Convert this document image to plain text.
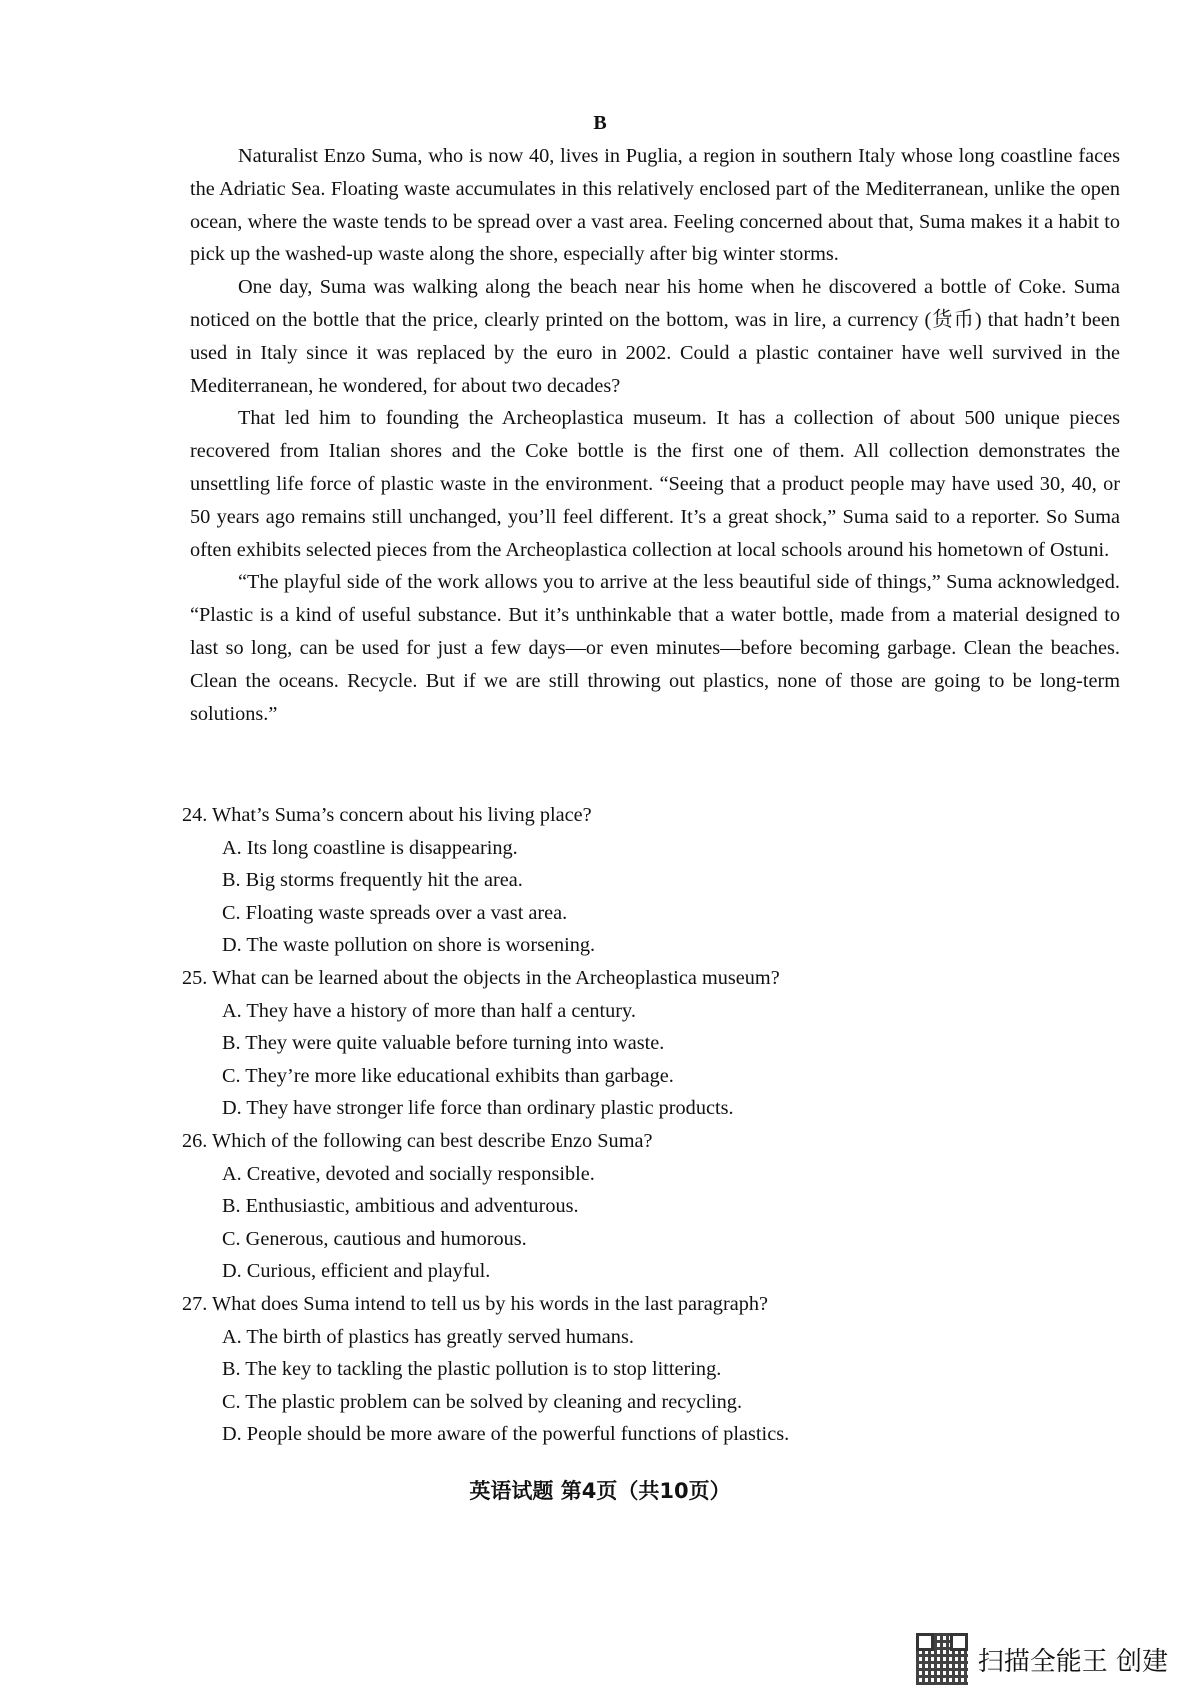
B

Naturalist Enzo Suma, who is now 40, lives in Puglia, a region in southern Italy whose long coastline faces the Adriatic Sea. Floating waste accumulates in this relatively enclosed part of the Mediterranean, unlike the open ocean, where the waste tends to be spread over a vast area. Feeling concerned about that, Suma makes it a habit to pick up the washed-up waste along the shore, especially after big winter storms.

One day, Suma was walking along the beach near his home when he discovered a bottle of Coke. Suma noticed on the bottle that the price, clearly printed on the bottom, was in lire, a currency (货币) that hadn’t been used in Italy since it was replaced by the euro in 2002. Could a plastic container have well survived in the Mediterranean, he wondered, for about two decades?

That led him to founding the Archeoplastica museum. It has a collection of about 500 unique pieces recovered from Italian shores and the Coke bottle is the first one of them. All collection demonstrates the unsettling life force of plastic waste in the environment. “Seeing that a product people may have used 30, 40, or 50 years ago remains still unchanged, you’ll feel different. It’s a great shock,” Suma said to a reporter. So Suma often exhibits selected pieces from the Archeoplastica collection at local schools around his hometown of Ostuni.

“The playful side of the work allows you to arrive at the less beautiful side of things,” Suma acknowledged. “Plastic is a kind of useful substance. But it’s unthinkable that a water bottle, made from a material designed to last so long, can be used for just a few days—or even minutes—before becoming garbage. Clean the beaches. Clean the oceans. Recycle. But if we are still throwing out plastics, none of those are going to be long-term solutions.”

24. What’s Suma’s concern about his living place?

A. Its long coastline is disappearing.
B. Big storms frequently hit the area.
C. Floating waste spreads over a vast area.
D. The waste pollution on shore is worsening.

25. What can be learned about the objects in the Archeoplastica museum?

A. They have a history of more than half a century.
B. They were quite valuable before turning into waste.
C. They’re more like educational exhibits than garbage.
D. They have stronger life force than ordinary plastic products.

26. Which of the following can best describe Enzo Suma?

A. Creative, devoted and socially responsible.
B. Enthusiastic, ambitious and adventurous.
C. Generous, cautious and humorous.
D. Curious, efficient and playful.

27. What does Suma intend to tell us by his words in the last paragraph?

A. The birth of plastics has greatly served humans.
B. The key to tackling the plastic pollution is to stop littering.
C. The plastic problem can be solved by cleaning and recycling.
D. People should be more aware of the powerful functions of plastics.
英语试题 第4页（共10页）
扫描全能王 创建
